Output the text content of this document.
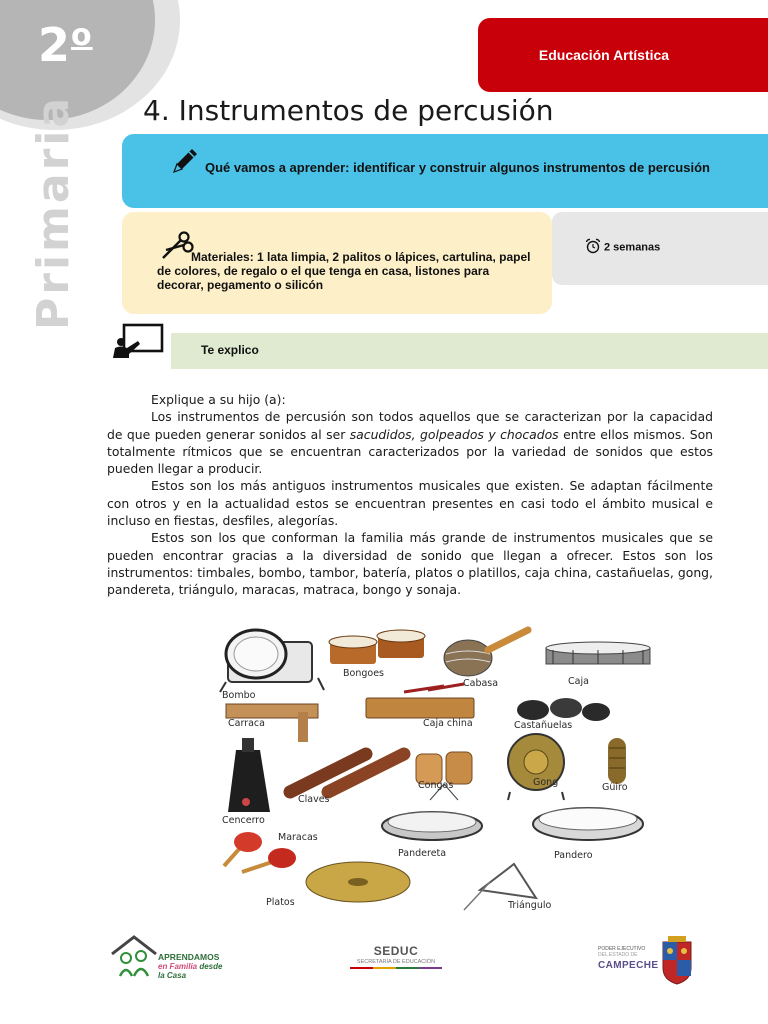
2$^o$
Primaria
Educación Artística
4. Instrumentos de percusión
Qué vamos a aprender: identificar y construir algunos instrumentos de percusión
Materiales: 1 lata limpia, 2 palitos o lápices, cartulina, papel de colores, de regalo o el que tenga en casa, listones para decorar, pegamento o silicón
2 semanas
Te explico

Explique a su hijo (a):

Los instrumentos de percusión son todos aquellos que se caracterizan por la capacidad de que pueden generar sonidos al ser sacudidos, golpeados y chocados entre ellos mismos. Son totalmente rítmicos que se encuentran caracterizados por la variedad de sonidos que estos pueden llegar a producir.

Estos son los más antiguos instrumentos musicales que existen. Se adaptan fácilmente con otros y en la actualidad estos se encuentran presentes en casi todo el ámbito musical e incluso en fiestas, desfiles, alegorías.

Estos son los que conforman la familia más grande de instrumentos musicales que se pueden encontrar gracias a la diversidad de sonido que llegan a ofrecer. Estos son los instrumentos: timbales, bombo, tambor, batería, platos o platillos, caja china, castañuelas, gong, pandereta, triángulo, maracas, matraca, bongo y sonaja.

Bombo
Bongoes
Cabasa	Caja
Carraca	Caja china	Castañuelas
Cencerro
Claves
Congas	Gong	Güiro
Maracas
Pandereta	Pandero
Platos	Triángulo
APRENDAMOS
en Familia desde
la Casa
SEDUC
SECRETARÍA DE EDUCACIÓN
PODER EJECUTIVO
DEL ESTADO DE
CAMPECHE
